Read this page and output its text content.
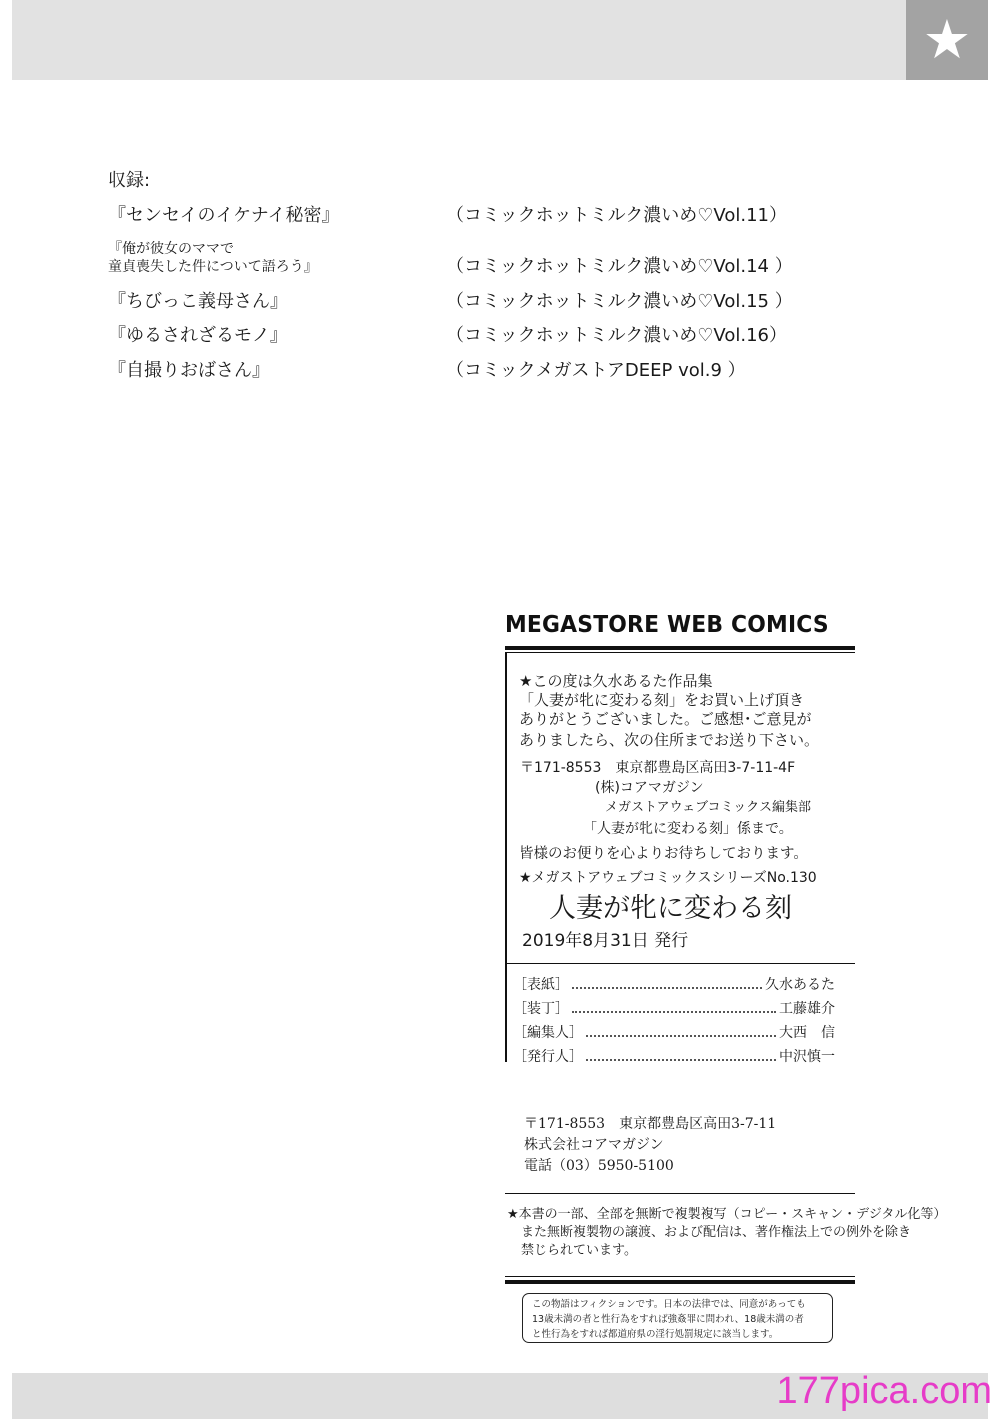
★
収録:
『センセイのイケナイ秘密』	（コミックホットミルク濃いめ♡Vol.11）
『俺が彼女のママで
童貞喪失した件について語ろう』	（コミックホットミルク濃いめ♡Vol.14 ）
『ちびっこ義母さん』	（コミックホットミルク濃いめ♡Vol.15 ）
『ゆるされざるモノ』	（コミックホットミルク濃いめ♡Vol.16）
『自撮りおばさん』	（コミックメガストアDEEP vol.9 ）
MEGASTORE WEB COMICS
★この度は久水あるた作品集
「人妻が牝に変わる刻」をお買い上げ頂き
ありがとうございました。ご感想･ご意見が
ありましたら、次の住所までお送り下さい。
〒171-8553　東京都豊島区高田3-7-11-4F
(株)コアマガジン
メガストアウェブコミックス編集部
「人妻が牝に変わる刻」係まで。
皆様のお便りを心よりお待ちしております。
★メガストアウェブコミックスシリーズNo.130
人妻が牝に変わる刻
2019年8月31日 発行
［表紙］	久水あるた
［装丁］	工藤雄介
［編集人］	大西　信
［発行人］	中沢慎一
〒171-8553　東京都豊島区高田3-7-11
株式会社コアマガジン
電話（03）5950-5100
★本書の一部、全部を無断で複製複写（コピー・スキャン・デジタル化等）
また無断複製物の譲渡、および配信は、著作権法上での例外を除き
禁じられています。
この物語はフィクションです。日本の法律では、同意があっても
13歳未満の者と性行為をすれば強姦罪に問われ、18歳未満の者
と性行為をすれば都道府県の淫行処罰規定に該当します。
177pica.com
